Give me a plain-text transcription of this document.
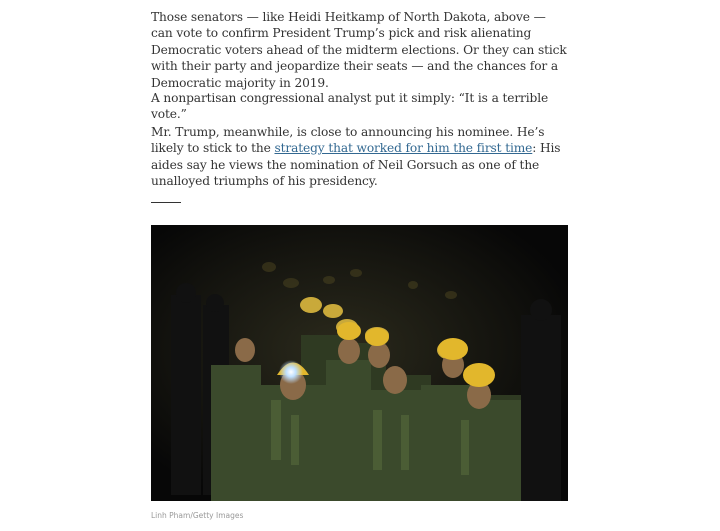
Those senators — like Heidi Heitkamp of North Dakota, above — can vote to confirm President Trump’s pick and risk alienating Democratic voters ahead of the midterm elections. Or they can stick with their party and jeopardize their seats — and the chances for a Democratic majority in 2019.

A nonpartisan congressional analyst put it simply: “It is a terrible vote.”

Mr. Trump, meanwhile, is close to announcing his nominee. He’s likely to stick to the strategy that worked for him the first time: His aides say he views the nomination of Neil Gorsuch as one of the unalloyed triumphs of his presidency.

Linh Pham/Getty Images
